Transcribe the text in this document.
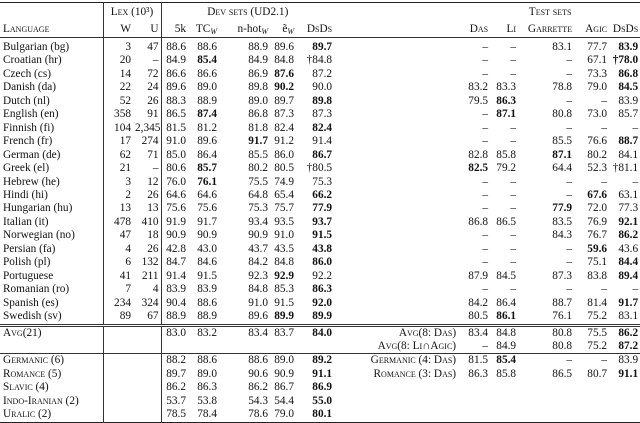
	Lex (10³)		Dev sets (UD2.1)						Test sets				
Language	W	U	5k	$TC_W$	n-hot$_W$	ẽ$_W$	DsDs		Das	Li	Garrette	Agic	DsDs
Bulgarian (bg)	3	47	88.6	88.6	88.9	89.6	89.7		–	–	83.1	77.7	83.9
Croatian (hr)	20	–	84.9	85.4	84.9	84.8	†84.8		–	–	–	67.1	†78.0
Czech (cs)	14	72	86.6	86.6	86.9	87.6	87.2		–	–	–	73.3	86.8
Danish (da)	22	24	89.6	89.0	89.8	90.2	90.0		83.2	83.3	78.8	79.0	84.5
Dutch (nl)	52	26	88.3	88.9	89.0	89.7	89.8		79.5	86.3	–	–	83.9
English (en)	358	91	86.5	87.4	86.8	87.3	87.3		–	87.1	80.8	73.0	85.7
Finnish (fi)	104	2,345	81.5	81.2	81.8	82.4	82.4		–	–	–	–	–
French (fr)	17	274	91.0	89.6	91.7	91.2	91.4		–	–	85.5	76.6	88.7
German (de)	62	71	85.0	86.4	85.5	86.0	86.7		82.8	85.8	87.1	80.2	84.1
Greek (el)	21	–	80.6	85.7	80.2	80.5	†80.5		82.5	79.2	64.4	52.3	†81.1
Hebrew (he)	3	12	76.0	76.1	75.5	74.9	75.3		–	–	–	–	–
Hindi (hi)	2	26	64.6	64.6	64.8	65.4	66.2		–	–	–	67.6	63.1
Hungarian (hu)	13	13	75.6	75.6	75.3	75.7	77.9		–	–	77.9	72.0	77.3
Italian (it)	478	410	91.9	91.7	93.4	93.5	93.7		86.8	86.5	83.5	76.9	92.1
Norwegian (no)	47	18	90.9	90.9	90.9	91.0	91.5		–	–	84.3	76.7	86.2
Persian (fa)	4	26	42.8	43.0	43.7	43.5	43.8		–	–	–	59.6	43.6
Polish (pl)	6	132	84.7	84.6	84.2	84.8	86.0		–	–	–	75.1	84.4
Portuguese	41	211	91.4	91.5	92.3	92.9	92.2		87.9	84.5	87.3	83.8	89.4
Romanian (ro)	7	4	83.9	83.9	84.8	85.3	86.3		–	–	–	–	–
Spanish (es)	234	324	90.4	88.6	91.0	91.5	92.0		84.2	86.4	88.7	81.4	91.7
Swedish (sv)	89	67	88.9	88.9	89.6	89.9	89.9		80.5	86.1	76.1	75.2	83.1
Avg(21)			83.0	83.2	83.4	83.7	84.0	Avg(8: Das)	83.4	84.8	80.8	75.5	86.2
								Avg(8: Li∩Agic)	–	84.9	80.8	75.2	87.2
Germanic (6)			88.2	88.6	88.6	89.0	89.2	Germanic (4: Das)	81.5	85.4	–	–	83.9
Romance (5)			89.7	89.0	90.6	90.9	91.1	Romance (3: Das)	86.3	85.8	86.5	80.7	91.1
Slavic (4)			86.2	86.3	86.2	86.7	86.9						
Indo-Iranian (2)			53.7	53.8	54.3	54.4	55.0						
Uralic (2)			78.5	78.4	78.6	79.0	80.1						
